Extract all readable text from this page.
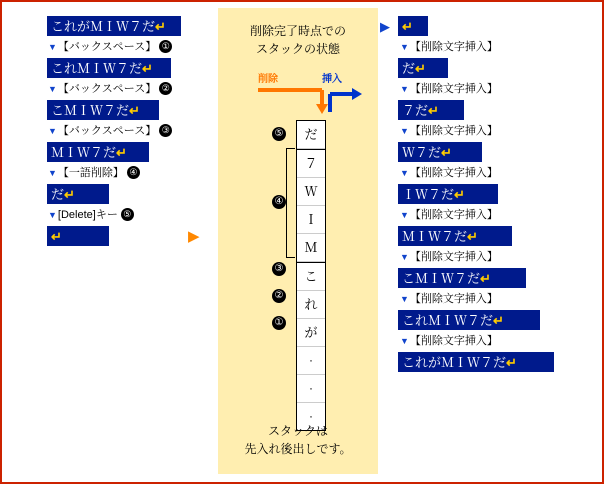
これがＭＩＷ７だ↵
▼【バックスペース】 ①
これＭＩＷ７だ↵
▼【バックスペース】 ②
こＭＩＷ７だ↵
▼【バックスペース】 ③
ＭＩＷ７だ↵
▼【一語削除】 ④
だ↵
▼[Delete]キー ⑤
↵	▶
削除完了時点での
スタックの状態
削除	挿入
だ
７
Ｗ
Ｉ
Ｍ
こ
れ
が
·
·
·
⑤
④
③
②
①
スタックは
先入れ後出しです。
▶ ↵
▼【削除文字挿入】
だ↵
▼【削除文字挿入】
７だ↵
▼【削除文字挿入】
Ｗ７だ↵
▼【削除文字挿入】
ＩＷ７だ↵
▼【削除文字挿入】
ＭＩＷ７だ↵
▼【削除文字挿入】
こＭＩＷ７だ↵
▼【削除文字挿入】
これＭＩＷ７だ↵
▼【削除文字挿入】
これがＭＩＷ７だ↵
